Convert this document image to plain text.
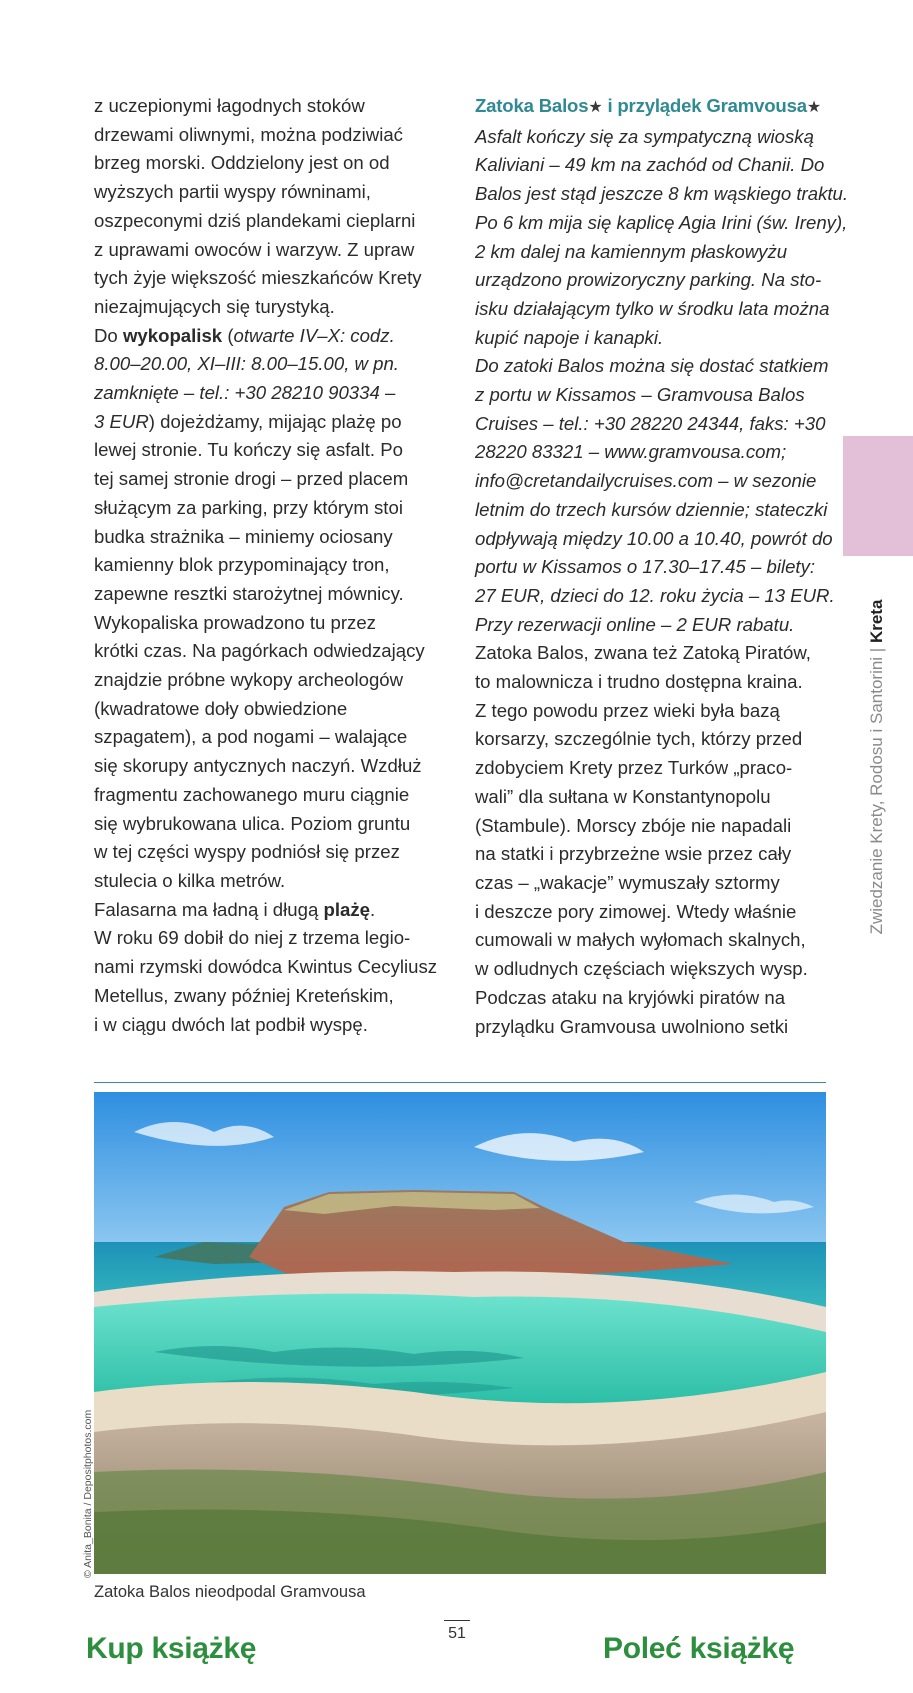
z uczepionymi łagodnych stoków

drzewami oliwnymi, można podziwiać

brzeg morski. Oddzielony jest on od

wyższych partii wyspy równinami,

oszpeconymi dziś plandekami cieplarni

z uprawami owoców i warzyw. Z upraw

tych żyje większość mieszkańców Krety

niezajmujących się turystyką.

Do wykopalisk (otwarte IV–X: codz.

8.00–20.00, XI–III: 8.00–15.00, w pn.

zamknięte – tel.: +30 28210 90334 –

3 EUR) dojeżdżamy, mijając plażę po

lewej stronie. Tu kończy się asfalt. Po

tej samej stronie drogi – przed placem

służącym za parking, przy którym stoi

budka strażnika – miniemy ociosany

kamienny blok przypominający tron,

zapewne resztki starożytnej mównicy.

Wykopaliska prowadzono tu przez

krótki czas. Na pagórkach odwiedzający

znajdzie próbne wykopy archeologów

(kwadratowe doły obwiedzione

szpagatem), a pod nogami – walające

się skorupy antycznych naczyń. Wzdłuż

fragmentu zachowanego muru ciągnie

się wybrukowana ulica. Poziom gruntu

w tej części wyspy podniósł się przez

stulecia o kilka metrów.

Falasarna ma ładną i długą plażę.

W roku 69 dobił do niej z trzema legio-

nami rzymski dowódca Kwintus Cecyliusz

Metellus, zwany później Kreteńskim,

i w ciągu dwóch lat podbił wyspę.

Zatoka Balos★ i przylądek Gramvousa★

Asfalt kończy się za sympatyczną wioską

Kaliviani – 49 km na zachód od Chanii. Do

Balos jest stąd jeszcze 8 km wąskiego traktu.

Po 6 km mija się kaplicę Agia Irini (św. Ireny),

2 km dalej na kamiennym płaskowyżu

urządzono prowizoryczny parking. Na sto-

isku działającym tylko w środku lata można

kupić napoje i kanapki.

Do zatoki Balos można się dostać statkiem

z portu w Kissamos – Gramvousa Balos

Cruises – tel.: +30 28220 24344, faks: +30

28220 83321 – www.gramvousa.com;

info@cretandailycruises.com – w sezonie

letnim do trzech kursów dziennie; stateczki

odpływają między 10.00 a 10.40, powrót do

portu w Kissamos o 17.30–17.45 – bilety:

27 EUR, dzieci do 12. roku życia – 13 EUR.

Przy rezerwacji online – 2 EUR rabatu.

Zatoka Balos, zwana też Zatoką Piratów,

to malownicza i trudno dostępna kraina.

Z tego powodu przez wieki była bazą

korsarzy, szczególnie tych, którzy przed

zdobyciem Krety przez Turków „praco-

wali” dla sułtana w Konstantynopolu

(Stambule). Morscy zbóje nie napadali

na statki i przybrzeżne wsie przez cały

czas – „wakacje” wymuszały sztormy

i deszcze pory zimowej. Wtedy właśnie

cumowali w małych wyłomach skalnych,

w odludnych częściach większych wysp.

Podczas ataku na kryjówki piratów na

przylądku Gramvousa uwolniono setki

Zwiedzanie Krety, Rodosu i Santorini | Kreta
© Anita_Bonita / Depositphotos.com
Zatoka Balos nieodpodal Gramvousa
51
Kup książkę	Poleć książkę
